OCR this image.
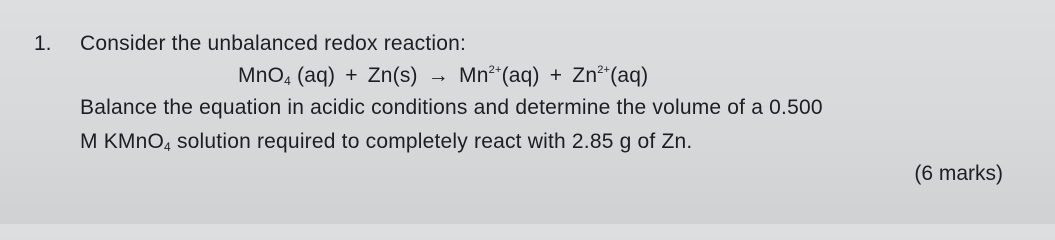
1. Consider the unbalanced redox reaction:
MnO$_4$ $(aq) + Zn(s) \to Mn^{2+}(aq) + Zn^{2+}(aq)$
Balance the equation in acidic conditions and determine the volume of a 0.500
M KMnO$_4$ solution required to completely react with 2.85 g of Zn.
(6 marks)
